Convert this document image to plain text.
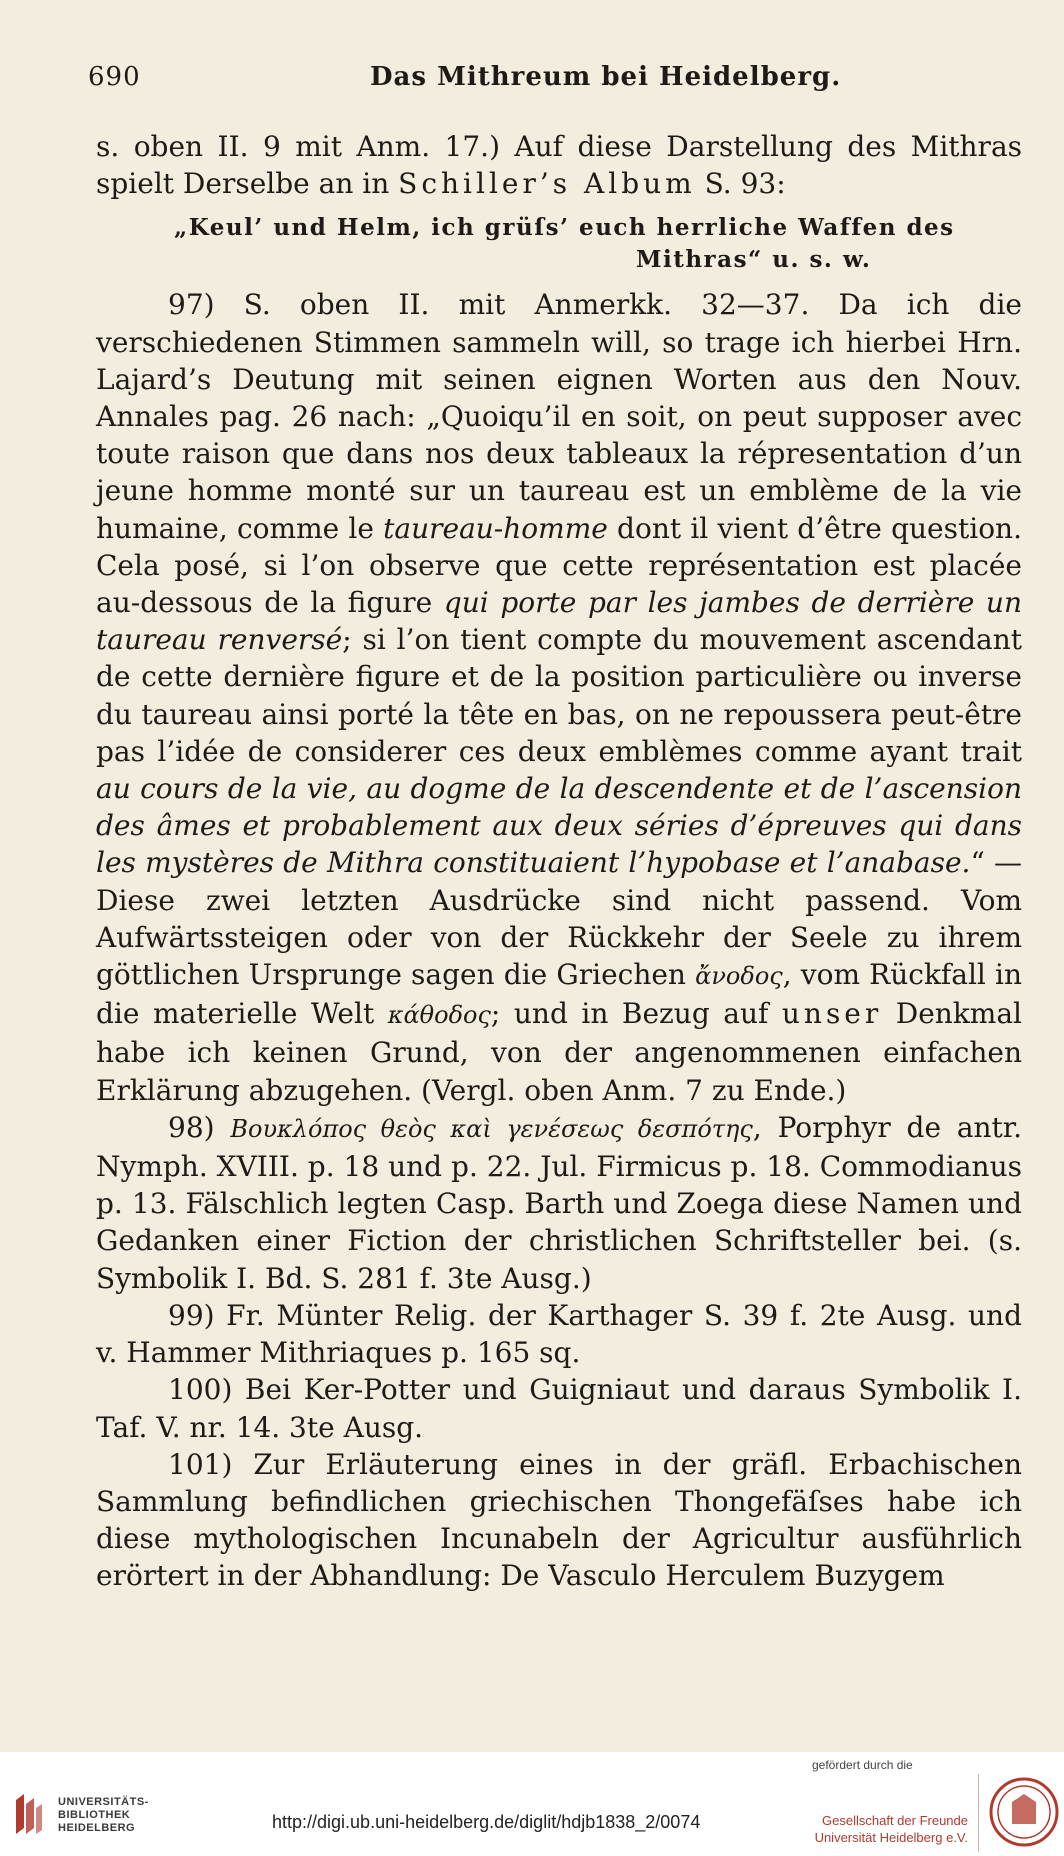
690	Das Mithreum bei Heidelberg.

s. oben II. 9 mit Anm. 17.) Auf diese Darstellung des Mithras spielt Derselbe an in Schiller’s Album S. 93:

„Keul’ und Helm, ich grüſs’ euch herrliche Waffen des
Mithras“ u. s. w.

97) S. oben II. mit Anmerkk. 32—37. Da ich die verschiedenen Stimmen sammeln will, so trage ich hierbei Hrn. Lajard’s Deutung mit seinen eignen Worten aus den Nouv. Annales pag. 26 nach: „Quoiqu’il en soit, on peut supposer avec toute raison que dans nos deux tableaux la répresentation d’un jeune homme monté sur un taureau est un emblème de la vie humaine, comme le taureau-homme dont il vient d’être question. Cela posé, si l’on observe que cette représentation est placée au-dessous de la figure qui porte par les jambes de derrière un taureau renversé; si l’on tient compte du mouvement ascendant de cette dernière figure et de la position particulière ou inverse du taureau ainsi porté la tête en bas, on ne repoussera peut-être pas l’idée de considerer ces deux emblèmes comme ayant trait au cours de la vie, au dogme de la descendente et de l’ascension des âmes et probablement aux deux séries d’épreuves qui dans les mystères de Mithra constituaient l’hypobase et l’anabase.“ — Diese zwei letzten Ausdrücke sind nicht passend. Vom Aufwärtssteigen oder von der Rückkehr der Seele zu ihrem göttlichen Ursprunge sagen die Griechen ἄνοδος, vom Rückfall in die materielle Welt κάθοδος; und in Bezug auf unser Denkmal habe ich keinen Grund, von der angenommenen einfachen Erklärung abzugehen. (Vergl. oben Anm. 7 zu Ende.)

98) Βουκλόπος θεὸς καὶ γενέσεως δεσπότης, Porphyr de antr. Nymph. XVIII. p. 18 und p. 22. Jul. Firmicus p. 18. Commodianus p. 13. Fälschlich legten Casp. Barth und Zoega diese Namen und Gedanken einer Fiction der christlichen Schriftsteller bei. (s. Symbolik I. Bd. S. 281 f. 3te Ausg.)

99) Fr. Münter Relig. der Karthager S. 39 f. 2te Ausg. und v. Hammer Mithriaques p. 165 sq.

100) Bei Ker-Potter und Guigniaut und daraus Symbolik I. Taf. V. nr. 14. 3te Ausg.

101) Zur Erläuterung eines in der gräfl. Erbachischen Sammlung befindlichen griechischen Thongefäſses habe ich diese mythologischen Incunabeln der Agricultur ausführlich erörtert in der Abhandlung: De Vasculo Herculem Buzygem

UNIVERSITÄTS-
BIBLIOTHEK
HEIDELBERG	http://digi.ub.uni-heidelberg.de/diglit/hdjb1838_2/0074
gefördert durch die
Gesellschaft der Freunde
Universität Heidelberg e.V.
